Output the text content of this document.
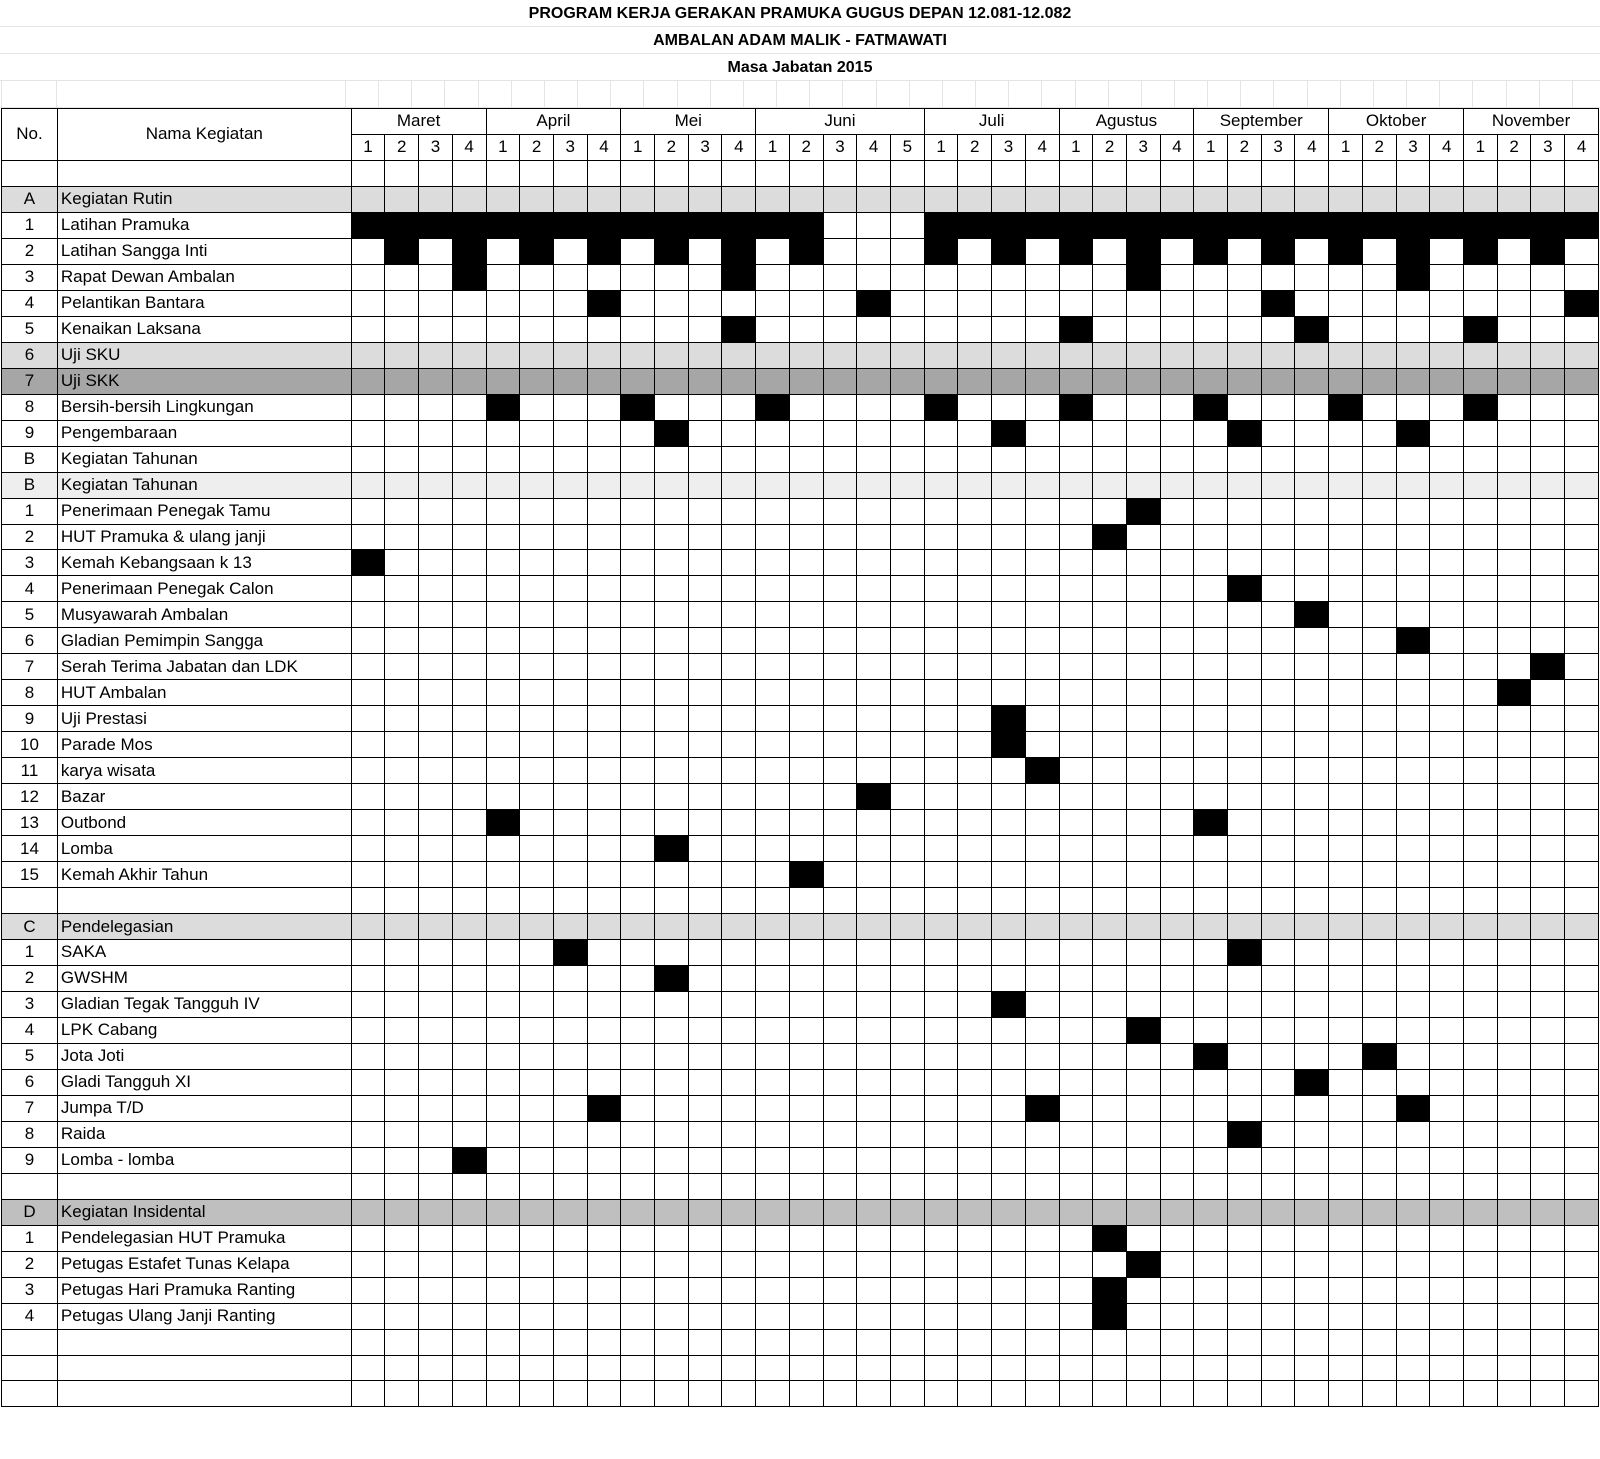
PROGRAM KERJA GERAKAN PRAMUKA GUGUS DEPAN 12.081-12.082
AMBALAN ADAM MALIK - FATMAWATI
Masa Jabatan 2015
No.	Nama Kegiatan	Maret				April				Mei				Juni					Juli				Agustus				September				Oktober				November			
		1	2	3	4	1	2	3	4	1	2	3	4	1	2	3	4	5	1	2	3	4	1	2	3	4	1	2	3	4	1	2	3	4	1	2	3	4

A	Kegiatan Rutin																																					
1	Latihan Pramuka																																					
2	Latihan Sangga Inti																																					
3	Rapat Dewan Ambalan																																					
4	Pelantikan Bantara																																					
5	Kenaikan Laksana																																					
6	Uji SKU																																					
7	Uji SKK																																					
8	Bersih-bersih Lingkungan																																					
9	Pengembaraan																																					
B	Kegiatan Tahunan																																					
B	Kegiatan Tahunan																																					
1	Penerimaan Penegak Tamu																																					
2	HUT Pramuka & ulang janji																																					
3	Kemah Kebangsaan k 13																																					
4	Penerimaan Penegak Calon																																					
5	Musyawarah Ambalan																																					
6	Gladian Pemimpin Sangga																																					
7	Serah Terima Jabatan dan LDK																																					
8	HUT Ambalan																																					
9	Uji Prestasi																																					
10	Parade Mos																																					
11	karya wisata																																					
12	Bazar																																					
13	Outbond																																					
14	Lomba																																					
15	Kemah Akhir Tahun																																					

C	Pendelegasian																																					
1	SAKA																																					
2	GWSHM																																					
3	Gladian Tegak Tangguh IV																																					
4	LPK Cabang																																					
5	Jota Joti																																					
6	Gladi Tangguh XI																																					
7	Jumpa T/D																																					
8	Raida																																					
9	Lomba - lomba																																					

D	Kegiatan Insidental																																					
1	Pendelegasian HUT Pramuka																																					
2	Petugas Estafet Tunas Kelapa																																					
3	Petugas Hari Pramuka Ranting																																					
4	Petugas Ulang Janji Ranting																																					
